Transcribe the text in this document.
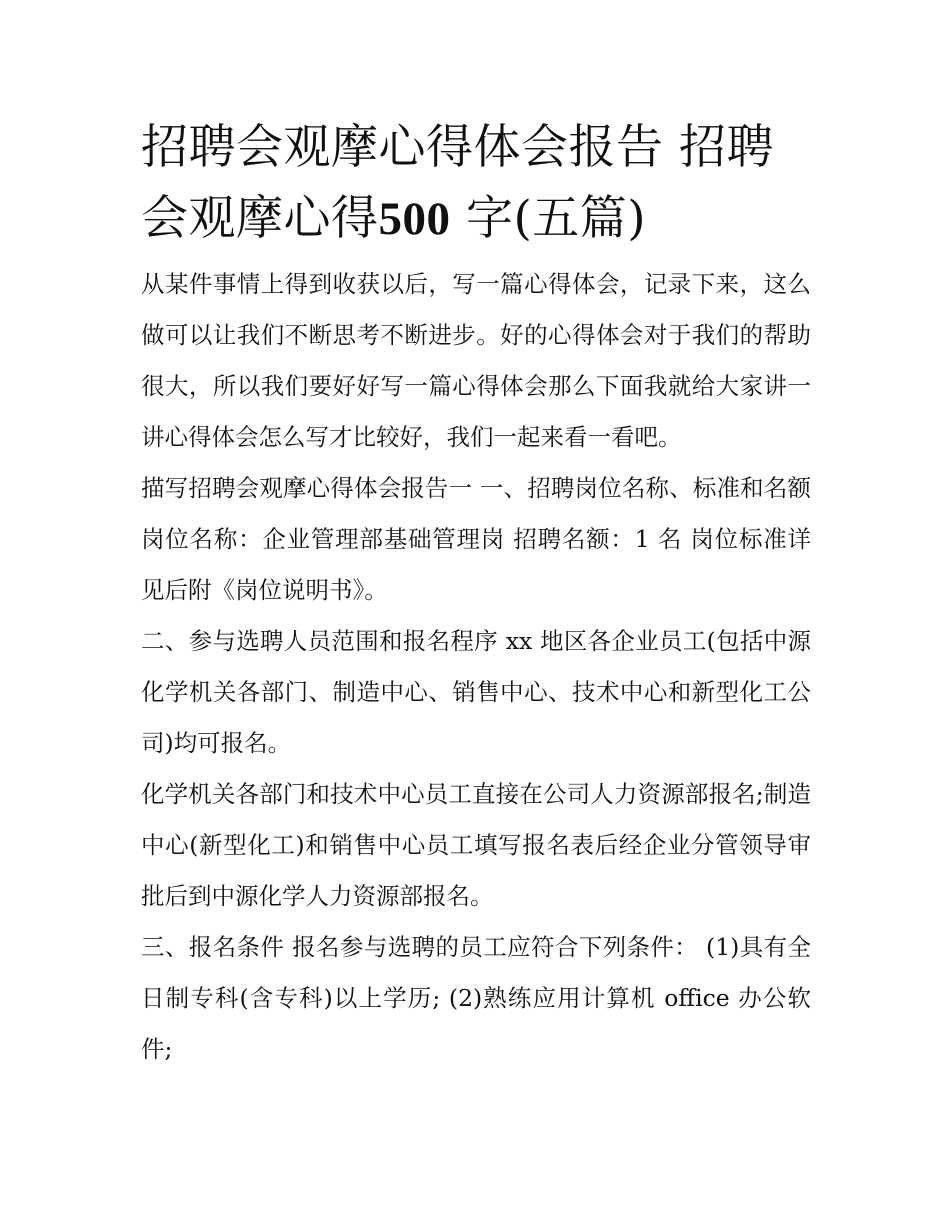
招聘会观摩心得体会报告 招聘会观摩心得500 字(五篇)

从某件事情上得到收获以后，写一篇心得体会，记录下来，这么做可以让我们不断思考不断进步。好的心得体会对于我们的帮助很大，所以我们要好好写一篇心得体会那么下面我就给大家讲一讲心得体会怎么写才比较好，我们一起来看一看吧。

描写招聘会观摩心得体会报告一 一、招聘岗位名称、标准和名额 岗位名称：企业管理部基础管理岗 招聘名额：1 名 岗位标准详见后附《岗位说明书》。

二、参与选聘人员范围和报名程序 xx 地区各企业员工(包括中源化学机关各部门、制造中心、销售中心、技术中心和新型化工公司)均可报名。

化学机关各部门和技术中心员工直接在公司人力资源部报名;制造中心(新型化工)和销售中心员工填写报名表后经企业分管领导审批后到中源化学人力资源部报名。

三、报名条件 报名参与选聘的员工应符合下列条件： (1)具有全日制专科(含专科)以上学历; (2)熟练应用计算机 office 办公软件;
